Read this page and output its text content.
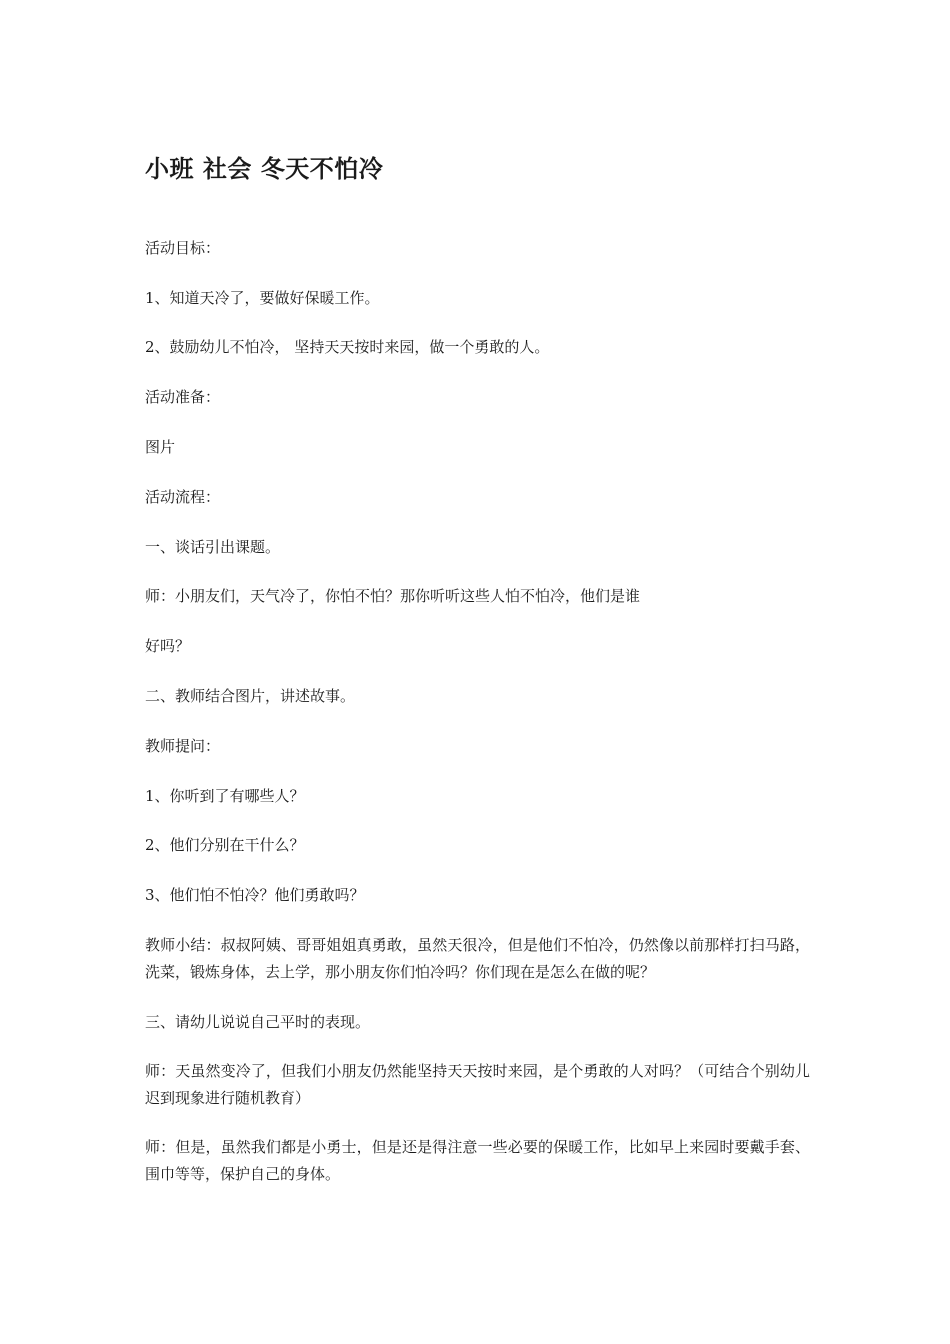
小班 社会 冬天不怕冷

活动目标：

1、知道天冷了，要做好保暖工作。

2、鼓励幼儿不怕冷， 坚持天天按时来园，做一个勇敢的人。

活动准备：

图片

活动流程：

一、谈话引出课题。

师：小朋友们，天气冷了，你怕不怕？那你听听这些人怕不怕冷，他们是谁

好吗？

二、教师结合图片，讲述故事。

教师提问：

1、你听到了有哪些人？

2、他们分别在干什么？

3、他们怕不怕冷？他们勇敢吗？

教师小结：叔叔阿姨、哥哥姐姐真勇敢，虽然天很冷，但是他们不怕冷，仍然像以前那样打扫马路，洗菜，锻炼身体，去上学，那小朋友你们怕冷吗？你们现在是怎么在做的呢？

三、请幼儿说说自己平时的表现。

师：天虽然变冷了，但我们小朋友仍然能坚持天天按时来园，是个勇敢的人对吗？（可结合个别幼儿迟到现象进行随机教育）

师：但是，虽然我们都是小勇士，但是还是得注意一些必要的保暖工作，比如早上来园时要戴手套、围巾等等，保护自己的身体。
